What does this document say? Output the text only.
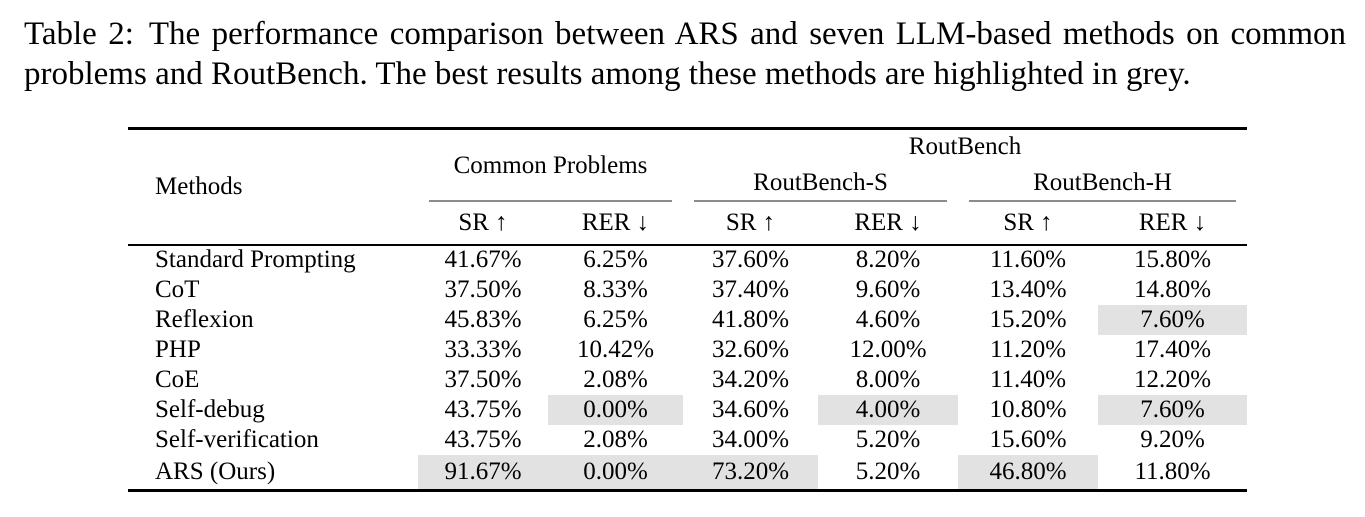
Table 2: The performance comparison between ARS and seven LLM-based methods on common problems and RoutBench. The best results among these methods are highlighted in grey.

Methods	Common Problems		RoutBench			
			RoutBench-S		RoutBench-H	

	SR ↑	RER ↓	SR ↑	RER ↓	SR ↑	RER ↓
Standard Prompting	41.67%	6.25%	37.60%	8.20%	11.60%	15.80%
CoT	37.50%	8.33%	37.40%	9.60%	13.40%	14.80%
Reflexion	45.83%	6.25%	41.80%	4.60%	15.20%	7.60%
PHP	33.33%	10.42%	32.60%	12.00%	11.20%	17.40%
CoE	37.50%	2.08%	34.20%	8.00%	11.40%	12.20%
Self-debug	43.75%	0.00%	34.60%	4.00%	10.80%	7.60%
Self-verification	43.75%	2.08%	34.00%	5.20%	15.60%	9.20%
ARS (Ours)	91.67%	0.00%	73.20%	5.20%	46.80%	11.80%
